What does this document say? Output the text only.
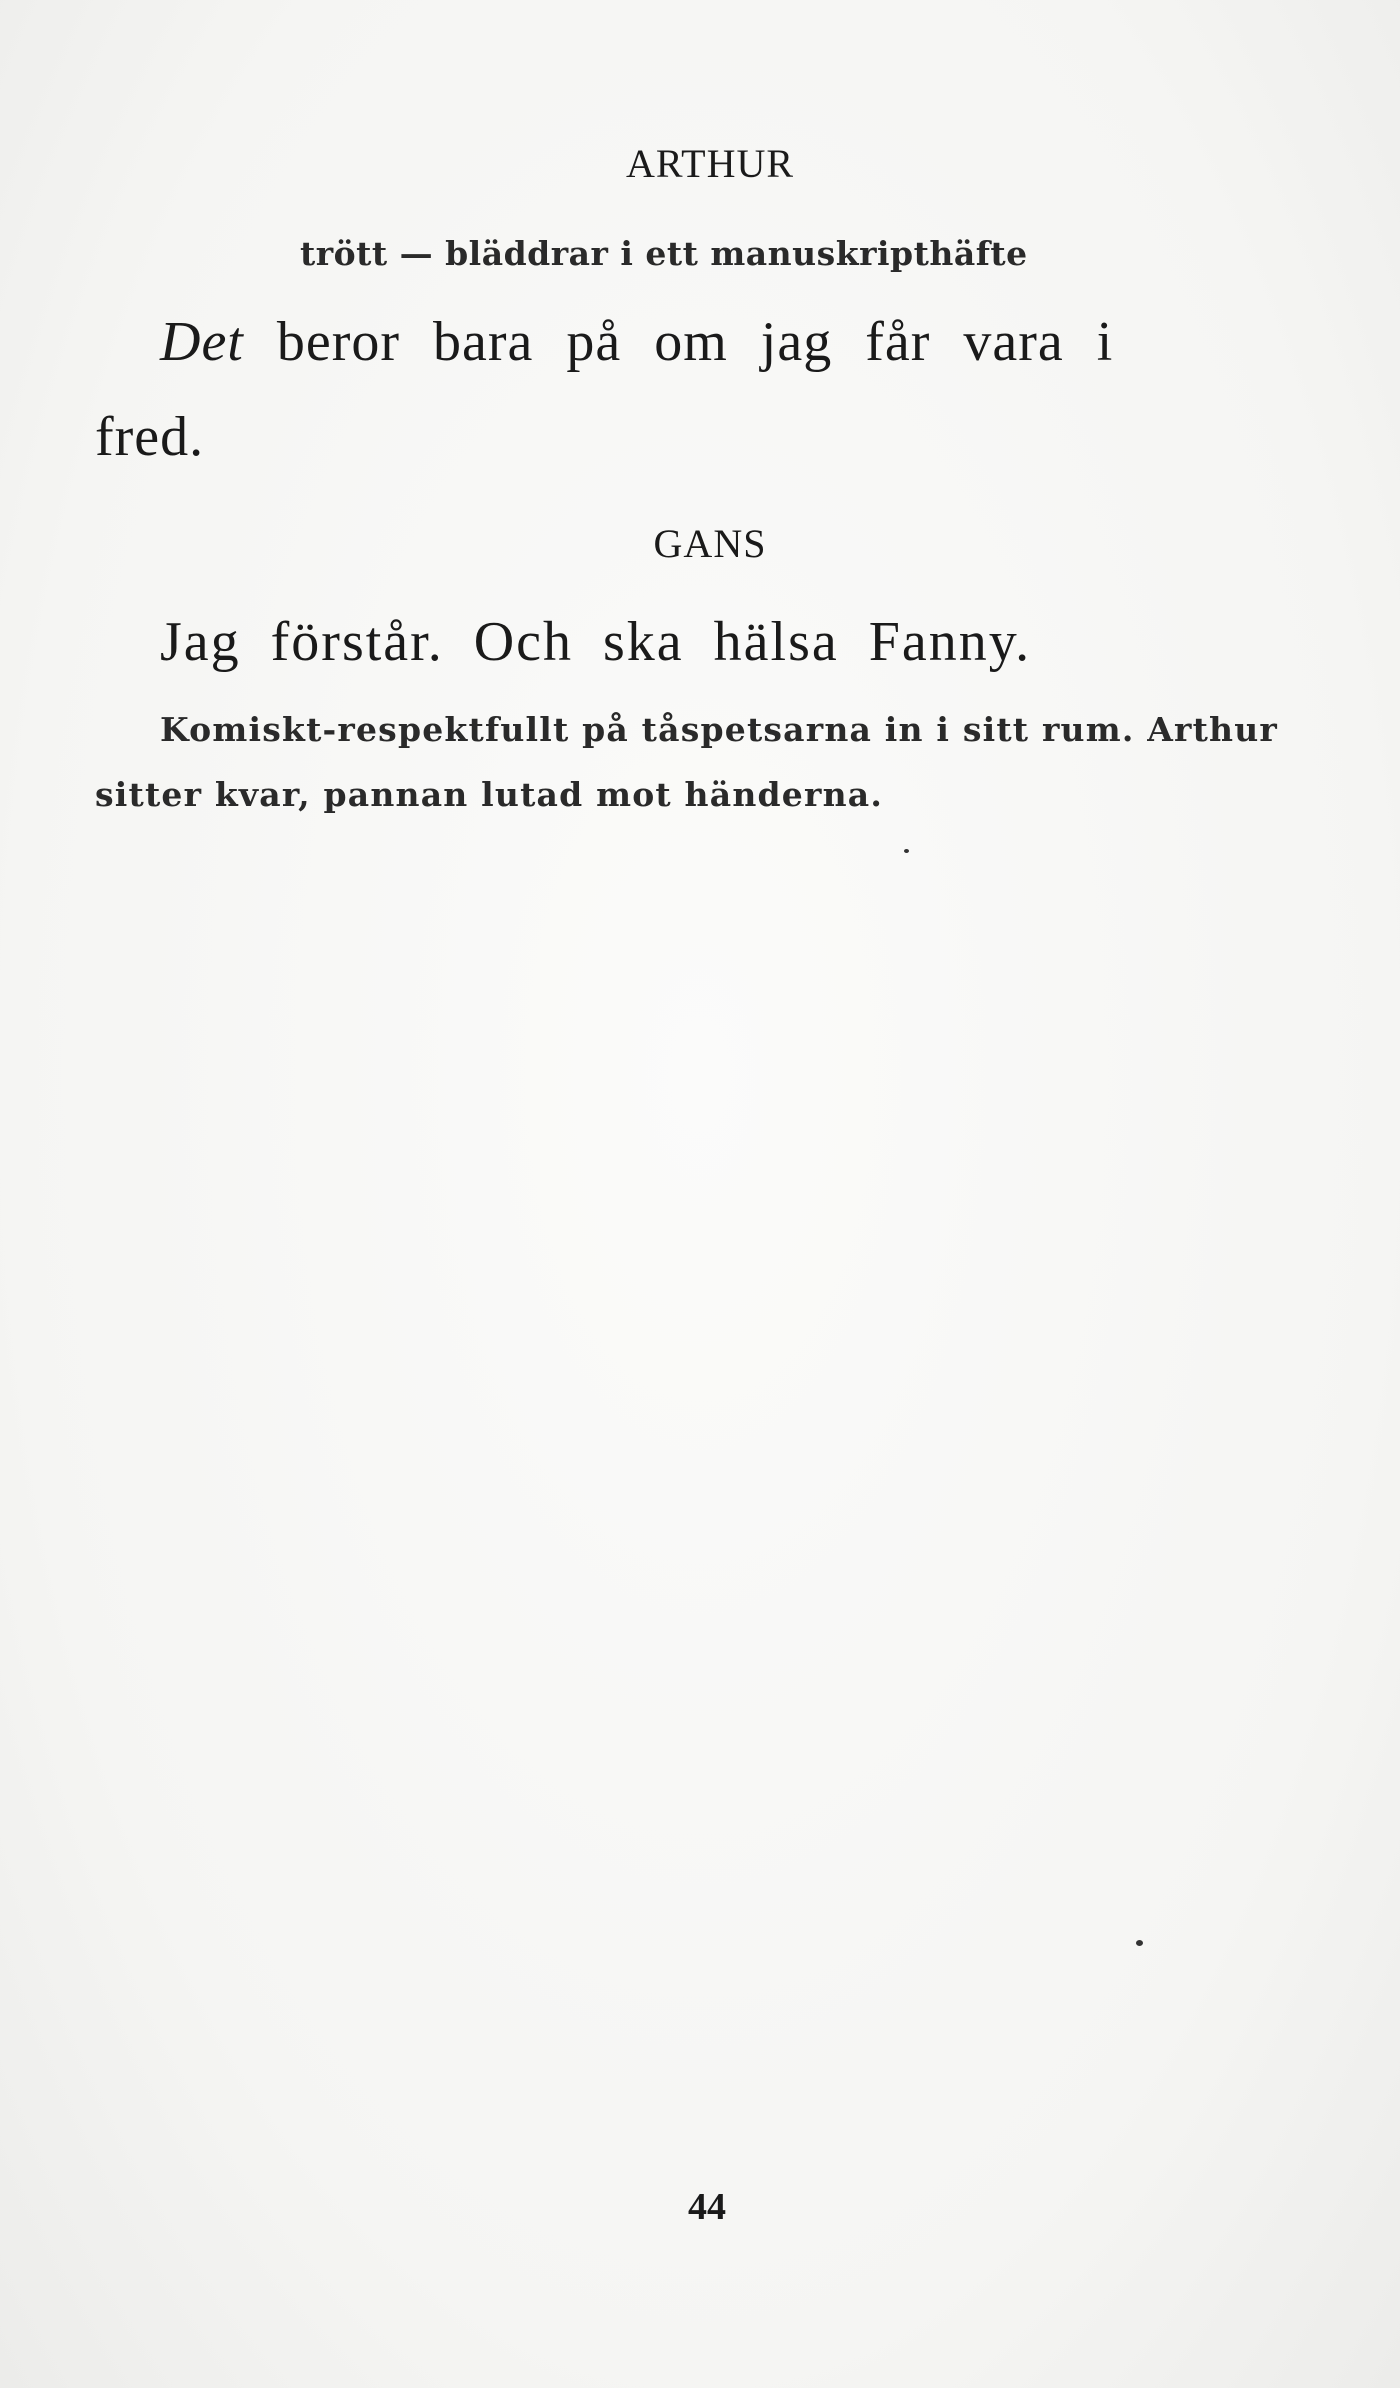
ARTHUR

trött — bläddrar i ett manuskripthäfte

Det beror bara på om jag får vara i

fred.

GANS

Jag förstår. Och ska hälsa Fanny.

Komiskt-respektfullt på tåspetsarna in i sitt rum. Arthur

sitter kvar, pannan lutad mot händerna.

44
